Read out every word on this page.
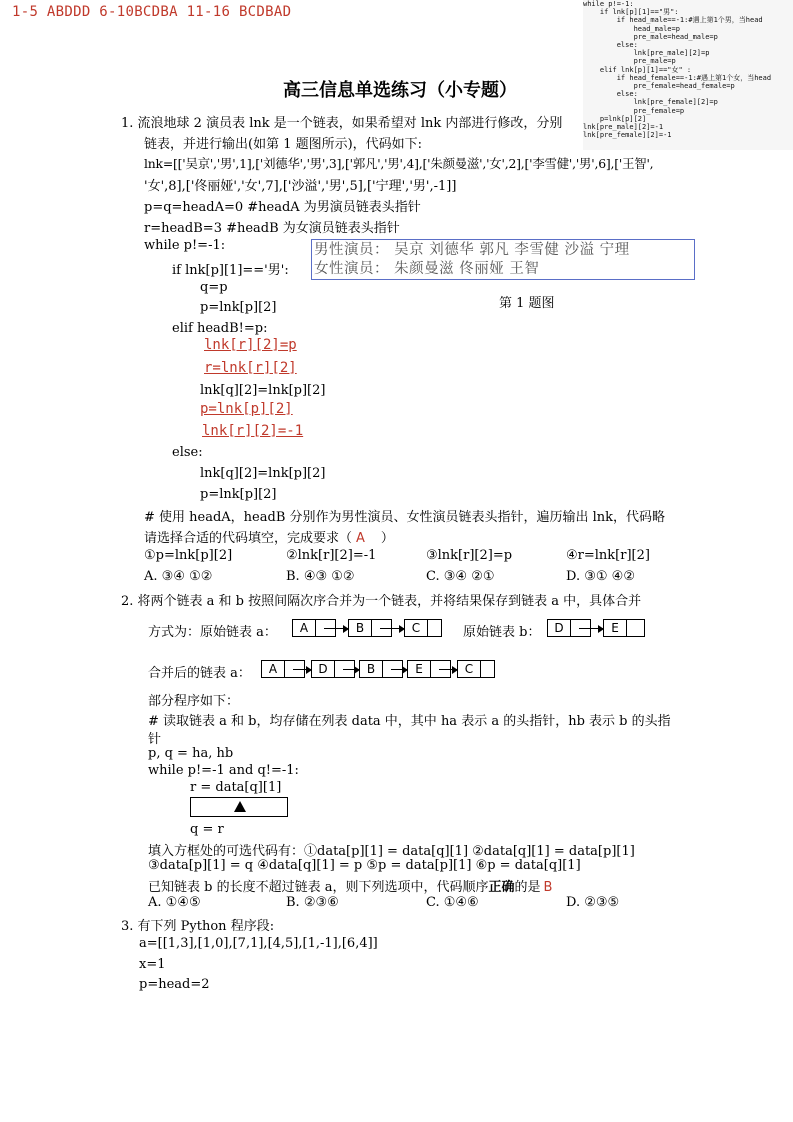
1-5 ABDDD 6-10BCDBA 11-16 BCDBAD	while p!=-1:
if lnk[p][1]=="男":
if head_male==-1:#遇上第1个男，当head
head_male=p
pre_male=head_male=p
else:
lnk[pre_male][2]=p
pre_male=p
elif lnk[p][1]=="女" :
if head_female==-1:#遇上第1个女，当head
pre_female=head_female=p
else:
lnk[pre_female][2]=p
pre_female=p
p=lnk[p][2]
lnk[pre_male][2]=-1
lnk[pre_female][2]=-1
高三信息单选练习（小专题）
1. 流浪地球 2 演员表 lnk 是一个链表，如果希望对 lnk 内部进行修改，分别
链表，并进行输出(如第 1 题图所示)，代码如下:
lnk=[['吴京','男',1],['刘德华','男',3],['郭凡','男',4],['朱颜曼滋','女',2],['李雪健','男',6],['王智',
'女',8],['佟丽娅','女',7],['沙溢','男',5],['宁理','男',-1]]
p=q=headA=0 #headA 为男演员链表头指针
r=headB=3 #headB 为女演员链表头指针
while p!=-1:
if lnk[p][1]=='男':
q=p
p=lnk[p][2]
elif headB!=p:
lnk[r][2]=p
r=lnk[r][2]
lnk[q][2]=lnk[p][2]
p=lnk[p][2]
lnk[r][2]=-1
else:
lnk[q][2]=lnk[p][2]
p=lnk[p][2]
男性演员： 吴京 刘德华 郭凡 李雪健 沙溢 宁理
女性演员： 朱颜曼滋 佟丽娅 王智
第 1 题图
# 使用 headA，headB 分别作为男性演员、女性演员链表头指针，遍历输出 lnk，代码略
请选择合适的代码填空，完成要求（ A ）
①p=lnk[p][2]	②lnk[r][2]=-1	③lnk[r][2]=p	④r=lnk[r][2]
A. ③④ ①②	B. ④③ ①②	C. ③④ ②①	D. ③① ④②
2. 将两个链表 a 和 b 按照间隔次序合并为一个链表，并将结果保存到链表 a 中，具体合并
方式为：原始链表 a：	A	B	C	原始链表 b：	D	E
合并后的链表 a：	A	D	B	E	C
部分程序如下：
# 读取链表 a 和 b，均存储在列表 data 中，其中 ha 表示 a 的头指针，hb 表示 b 的头指
针
p, q = ha, hb
while p!=-1 and q!=-1:
r = data[q][1]
q = r
填入方框处的可选代码有：①data[p][1] = data[q][1] ②data[q][1] = data[p][1]
③data[p][1] = q ④data[q][1] = p ⑤p = data[p][1] ⑥p = data[q][1]
已知链表 b 的长度不超过链表 a，则下列选项中，代码顺序正确的是 B
A. ①④⑤	B. ②③⑥	C. ①④⑥	D. ②③⑤
3. 有下列 Python 程序段:
a=[[1,3],[1,0],[7,1],[4,5],[1,-1],[6,4]]
x=1
p=head=2
